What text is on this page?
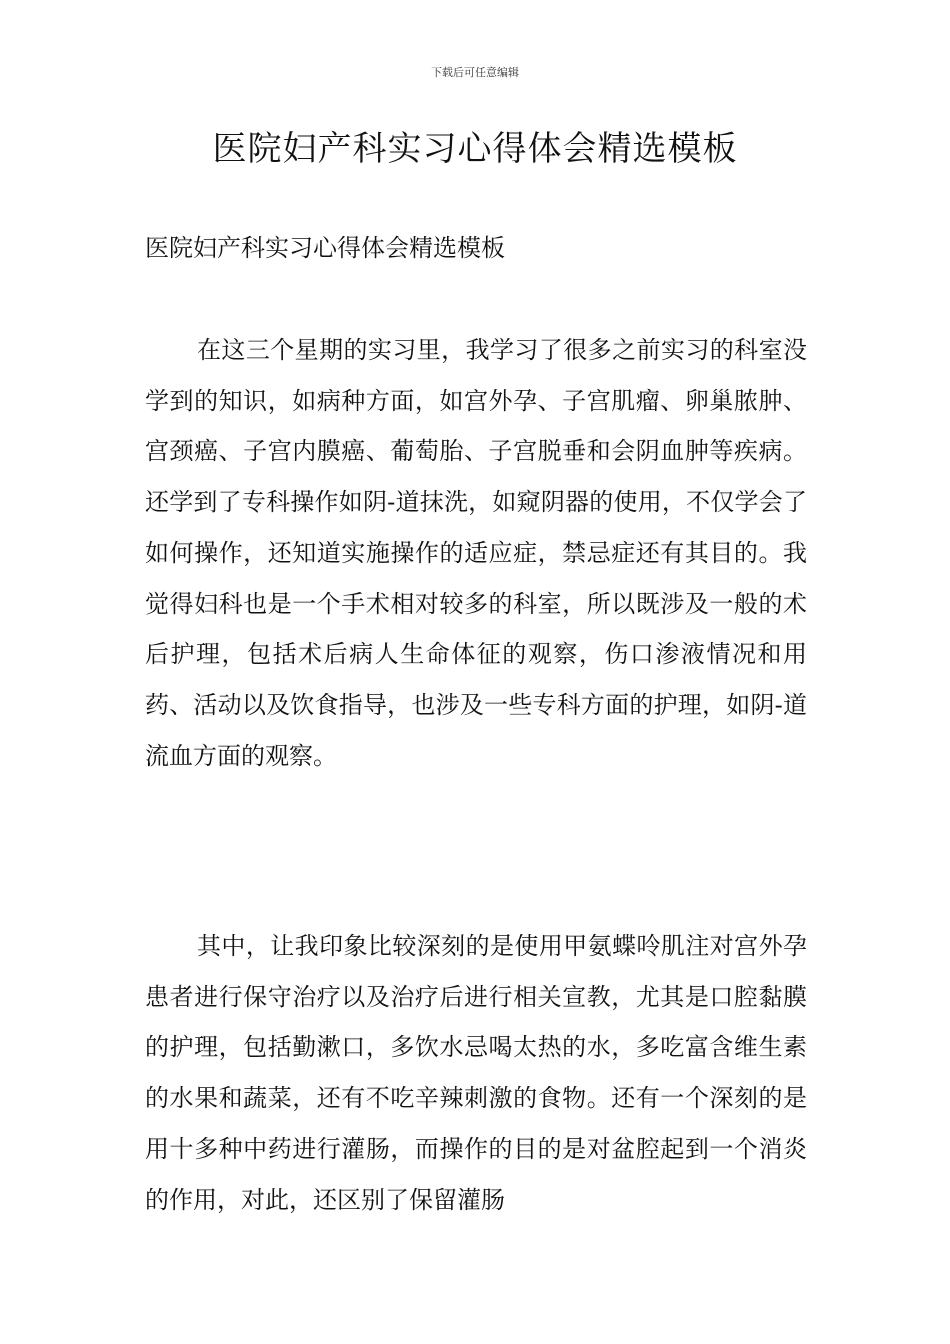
下载后可任意编辑
医院妇产科实习心得体会精选模板

医院妇产科实习心得体会精选模板

在这三个星期的实习里，我学习了很多之前实习的科室没学到的知识，如病种方面，如宫外孕、子宫肌瘤、卵巢脓肿、宫颈癌、子宫内膜癌、葡萄胎、子宫脱垂和会阴血肿等疾病。还学到了专科操作如阴-道抹洗，如窥阴器的使用，不仅学会了如何操作，还知道实施操作的适应症，禁忌症还有其目的。我觉得妇科也是一个手术相对较多的科室，所以既涉及一般的术后护理，包括术后病人生命体征的观察，伤口渗液情况和用药、活动以及饮食指导，也涉及一些专科方面的护理，如阴-道流血方面的观察。

其中，让我印象比较深刻的是使用甲氨蝶呤肌注对宫外孕患者进行保守治疗以及治疗后进行相关宣教，尤其是口腔黏膜的护理，包括勤漱口，多饮水忌喝太热的水，多吃富含维生素的水果和蔬菜，还有不吃辛辣刺激的食物。还有一个深刻的是用十多种中药进行灌肠，而操作的目的是对盆腔起到一个消炎的作用，对此，还区别了保留灌肠
